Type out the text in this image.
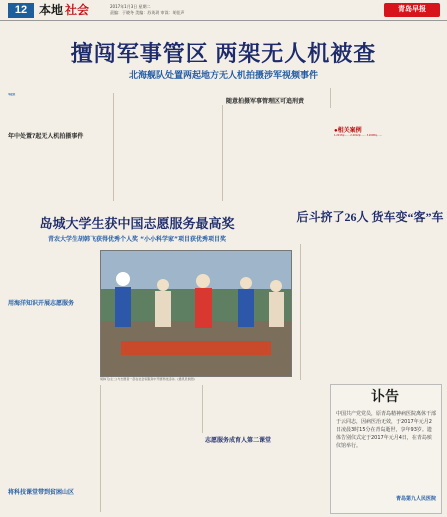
12 本地 社会	2017年1月3日 星期二
责编：于晓冬 美编：苏英玥 审读：胡佳声	青岛早报
擅闯军事管区 两架无人机被查
北海舰队处置两起地方无人机拍摄涉军视频事件
早报讯
年中处置7起无人机拍摄事件
随意拍摄军事管理区可追刑责
●相关案例
1.2013年…… 2.2012年…… 3.2008年……
岛城大学生获中国志愿服务最高奖
青农大学生胡韩飞获得优秀个人奖 “小小科学家”项目获优秀项目奖
用海洋知识开展志愿服务
将科技课堂带到贫困山区
胡韩飞(左二)与志愿者一起在社会家服务中开展科技活动。(通讯员供图)
志愿服务成育人第二课堂
后斗挤了26人 货车变“客”车
讣告
中国共产党党员，原青岛精神病医院离休干部于云同志，因病医治无效，于2017年元月2日凌晨3时15分在青岛逝世，享年93岁。遗体告别仪式定于2017年元月4日，在青岛殡仪馆举行。
青岛第九人民医院
